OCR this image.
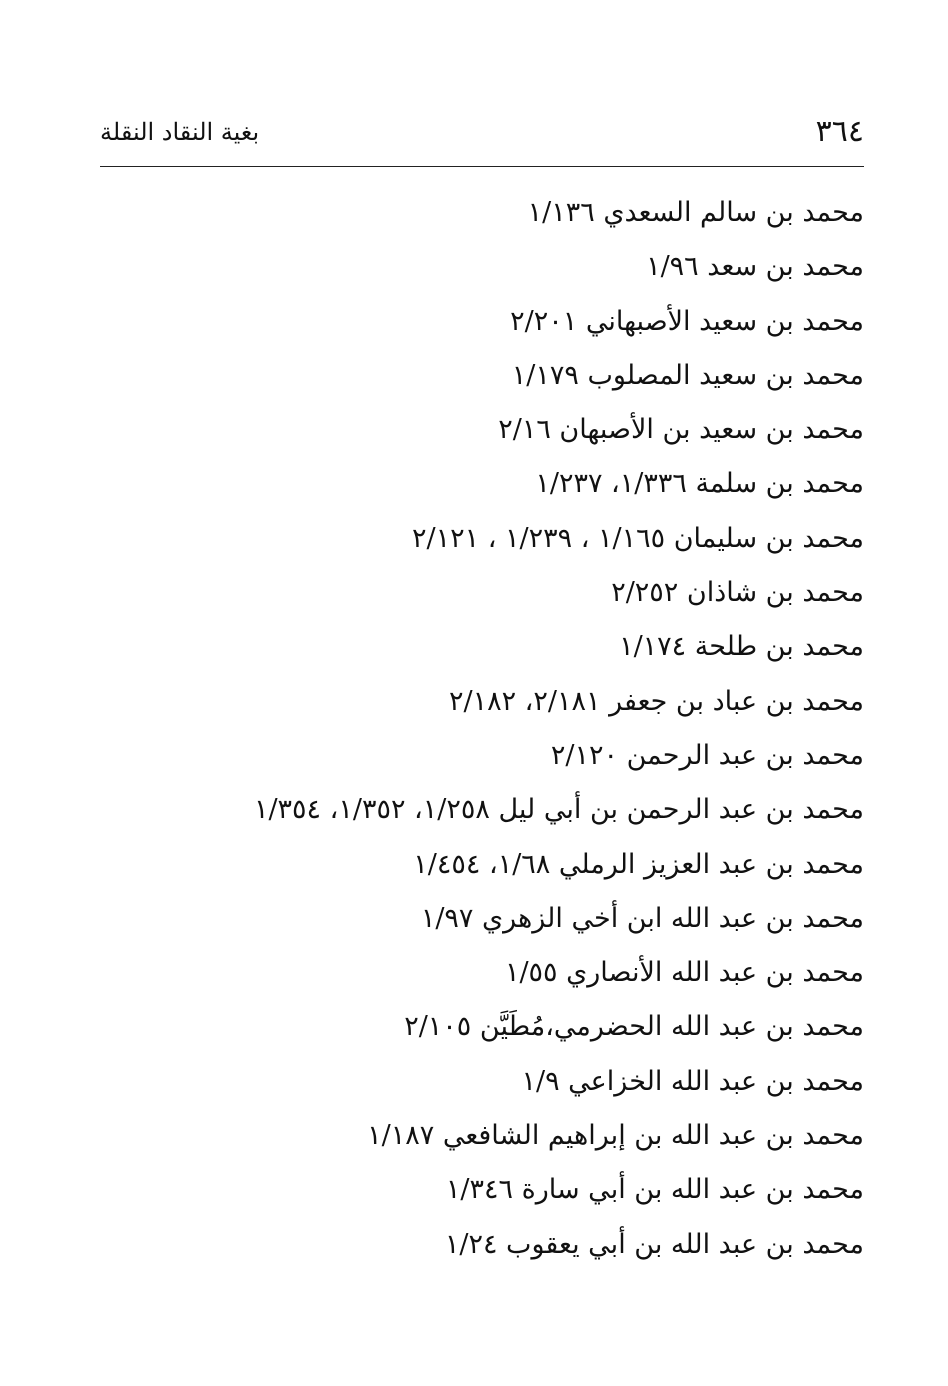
٣٦٤
بغية النقاد النقلة
محمد بن سالم السعدي ١/١٣٦
محمد بن سعد ١/٩٦
محمد بن سعيد الأصبهاني ٢/٢٠١
محمد بن سعيد المصلوب ١/١٧٩
محمد بن سعيد بن الأصبهان ٢/١٦
محمد بن سلمة ١/٣٣٦، ١/٢٣٧
محمد بن سليمان ١/١٦٥ ، ١/٢٣٩ ، ٢/١٢١
محمد بن شاذان ٢/٢٥٢
محمد بن طلحة ١/١٧٤
محمد بن عباد بن جعفر ٢/١٨١، ٢/١٨٢
محمد بن عبد الرحمن ٢/١٢٠
محمد بن عبد الرحمن بن أبي ليل ١/٢٥٨، ١/٣٥٢، ١/٣٥٤
محمد بن عبد العزيز الرملي ١/٦٨، ١/٤٥٤
محمد بن عبد الله ابن أخي الزهري ١/٩٧
محمد بن عبد الله الأنصاري ١/٥٥
محمد بن عبد الله الحضرمي،مُطَيَّن ٢/١٠٥
محمد بن عبد الله الخزاعي ١/٩
محمد بن عبد الله بن إبراهيم الشافعي ١/١٨٧
محمد بن عبد الله بن أبي سارة ١/٣٤٦
محمد بن عبد الله بن أبي يعقوب ١/٢٤
